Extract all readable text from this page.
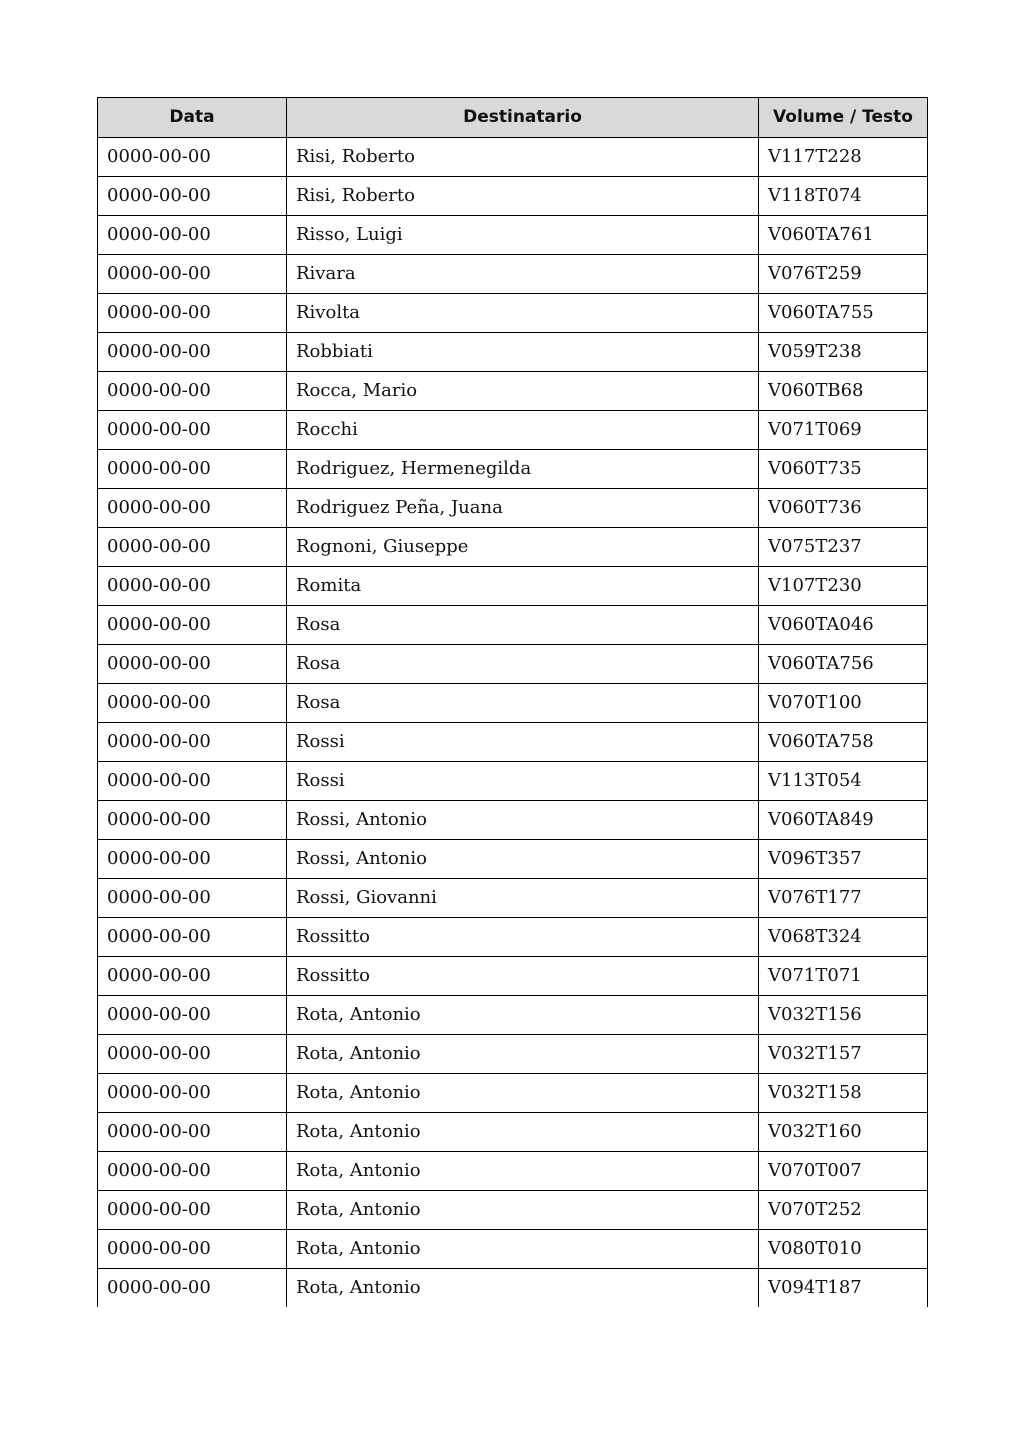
Data	Destinatario	Volume / Testo
0000-00-00	Risi, Roberto	V117T228
0000-00-00	Risi, Roberto	V118T074
0000-00-00	Risso, Luigi	V060TA761
0000-00-00	Rivara	V076T259
0000-00-00	Rivolta	V060TA755
0000-00-00	Robbiati	V059T238
0000-00-00	Rocca, Mario	V060TB68
0000-00-00	Rocchi	V071T069
0000-00-00	Rodriguez, Hermenegilda	V060T735
0000-00-00	Rodriguez Peña, Juana	V060T736
0000-00-00	Rognoni, Giuseppe	V075T237
0000-00-00	Romita	V107T230
0000-00-00	Rosa	V060TA046
0000-00-00	Rosa	V060TA756
0000-00-00	Rosa	V070T100
0000-00-00	Rossi	V060TA758
0000-00-00	Rossi	V113T054
0000-00-00	Rossi, Antonio	V060TA849
0000-00-00	Rossi, Antonio	V096T357
0000-00-00	Rossi, Giovanni	V076T177
0000-00-00	Rossitto	V068T324
0000-00-00	Rossitto	V071T071
0000-00-00	Rota, Antonio	V032T156
0000-00-00	Rota, Antonio	V032T157
0000-00-00	Rota, Antonio	V032T158
0000-00-00	Rota, Antonio	V032T160
0000-00-00	Rota, Antonio	V070T007
0000-00-00	Rota, Antonio	V070T252
0000-00-00	Rota, Antonio	V080T010
0000-00-00	Rota, Antonio	V094T187
